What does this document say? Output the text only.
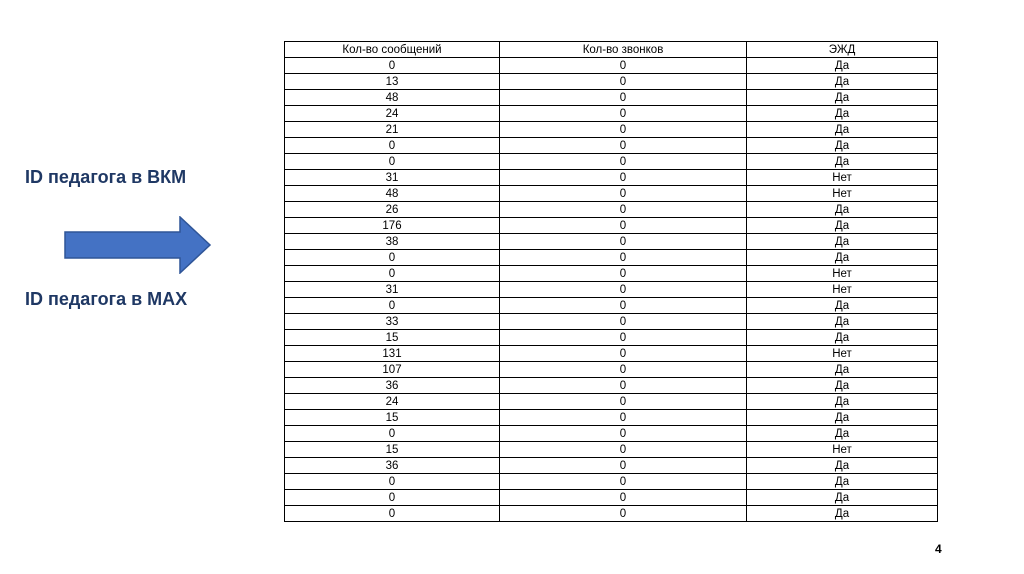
ID педагога в ВКМ
ID педагога в MAX
Кол-во сообщений	Кол-во звонков	ЭЖД
0	0	Да
13	0	Да
48	0	Да
24	0	Да
21	0	Да
0	0	Да
0	0	Да
31	0	Нет
48	0	Нет
26	0	Да
176	0	Да
38	0	Да
0	0	Да
0	0	Нет
31	0	Нет
0	0	Да
33	0	Да
15	0	Да
131	0	Нет
107	0	Да
36	0	Да
24	0	Да
15	0	Да
0	0	Да
15	0	Нет
36	0	Да
0	0	Да
0	0	Да
0	0	Да
4
